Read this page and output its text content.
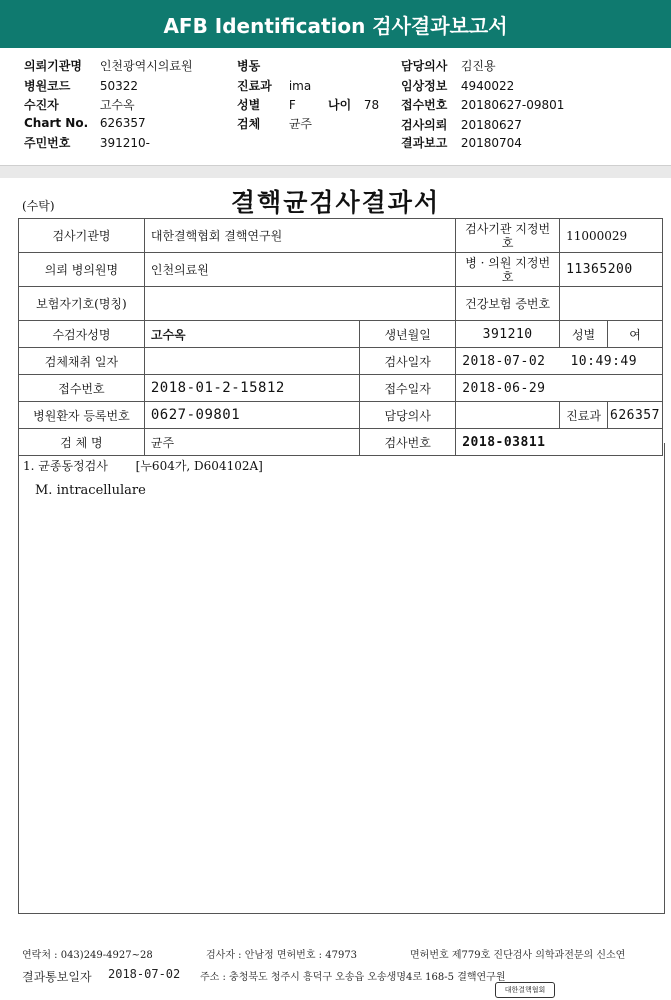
AFB Identification 검사결과보고서
의뢰기관명 인천광역시의료원
병원코드 50322
수진자	고수옥
Chart No. 626357
주민번호 391210-
병동
진료과 ima
성별 F	나이 78
검체 균주
담당의사 김진용
임상정보 4940022
접수번호 20180627-09801
검사의뢰 20180627
결과보고 20180704
(수탁)	결핵균검사결과서
검사기관명	대한결핵협회 결핵연구원		검사기관 지정번호	11000029	
의뢰 병의원명	인천의료원		병 · 의원 지정번호	11365200	
보험자기호(명칭)			건강보험 증번호		
수검자성명	고수옥	생년월일	391210	성별	여
검체채취 일자		검사일자	2018-07-02   10:49:49		
접수번호	2018-01-2-15812	접수일자	2018-06-29		
병원환자 등록번호	0627-09801	담당의사		진료과	626357
검 체 명	균주	검사번호	2018-03811		
1. 균종동정검사 [누604가, D604102A]
M. intracellulare
연락처 : 043)249-4927~28	검사자 : 안남정 면허번호 : 47973	면허번호 제779호 진단검사 의학과전문의 신소연
결과통보일자 2018-07-02 주소 : 충청북도 청주시 흥덕구 오송읍 오송생명4로 168-5 결핵연구원
대한결핵협회
